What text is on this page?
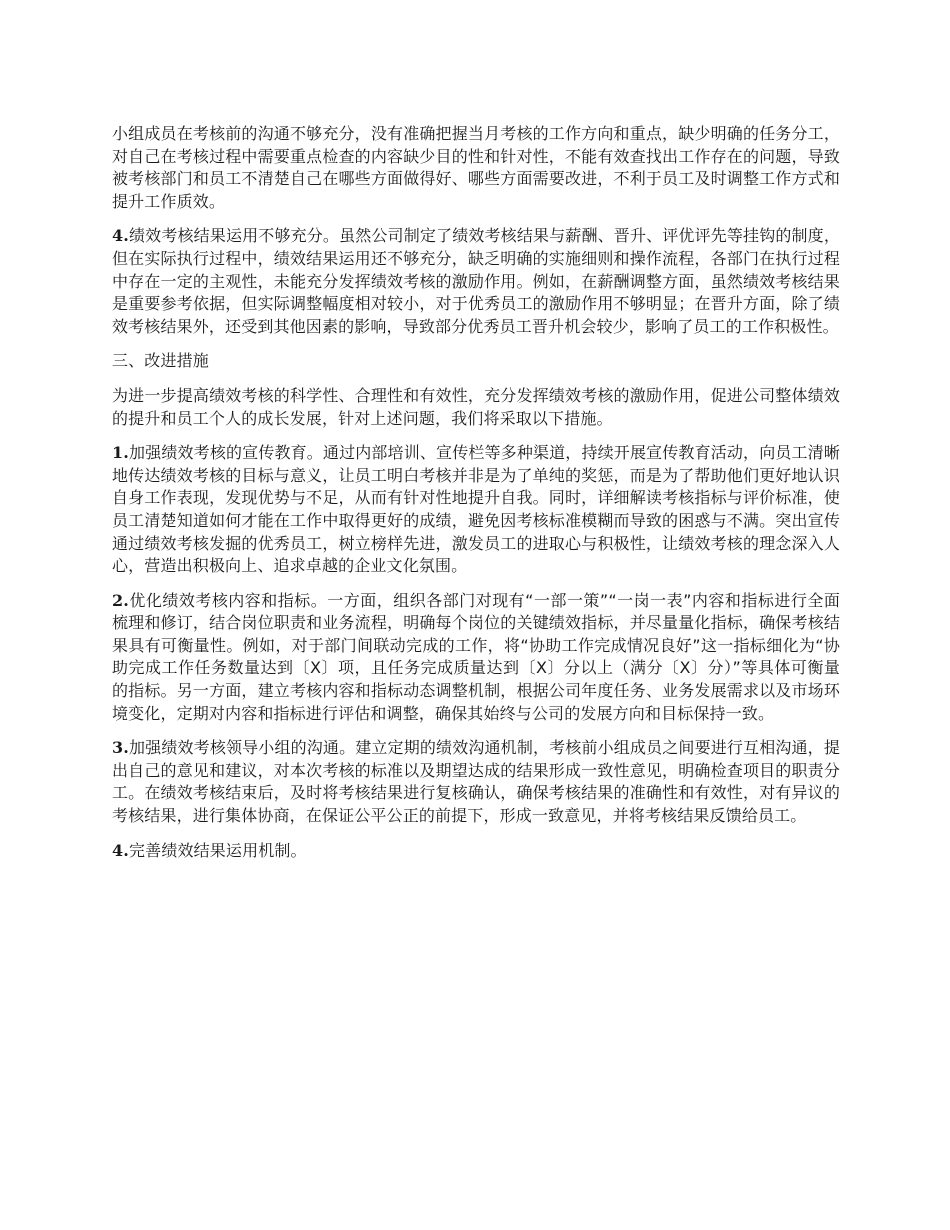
小组成员在考核前的沟通不够充分，没有准确把握当月考核的工作方向和重点，缺少明确的任务分工，对自己在考核过程中需要重点检查的内容缺少目的性和针对性，不能有效查找出工作存在的问题，导致被考核部门和员工不清楚自己在哪些方面做得好、哪些方面需要改进，不利于员工及时调整工作方式和提升工作质效。

4.绩效考核结果运用不够充分。虽然公司制定了绩效考核结果与薪酬、晋升、评优评先等挂钩的制度，但在实际执行过程中，绩效结果运用还不够充分，缺乏明确的实施细则和操作流程，各部门在执行过程中存在一定的主观性，未能充分发挥绩效考核的激励作用。例如，在薪酬调整方面，虽然绩效考核结果是重要参考依据，但实际调整幅度相对较小，对于优秀员工的激励作用不够明显；在晋升方面，除了绩效考核结果外，还受到其他因素的影响，导致部分优秀员工晋升机会较少，影响了员工的工作积极性。

三、改进措施

为进一步提高绩效考核的科学性、合理性和有效性，充分发挥绩效考核的激励作用，促进公司整体绩效的提升和员工个人的成长发展，针对上述问题，我们将采取以下措施。

1.加强绩效考核的宣传教育。通过内部培训、宣传栏等多种渠道，持续开展宣传教育活动，向员工清晰地传达绩效考核的目标与意义，让员工明白考核并非是为了单纯的奖惩，而是为了帮助他们更好地认识自身工作表现，发现优势与不足，从而有针对性地提升自我。同时，详细解读考核指标与评价标准，使员工清楚知道如何才能在工作中取得更好的成绩，避免因考核标准模糊而导致的困惑与不满。突出宣传通过绩效考核发掘的优秀员工，树立榜样先进，激发员工的进取心与积极性，让绩效考核的理念深入人心，营造出积极向上、追求卓越的企业文化氛围。

2.优化绩效考核内容和指标。一方面，组织各部门对现有“一部一策”“一岗一表”内容和指标进行全面梳理和修订，结合岗位职责和业务流程，明确每个岗位的关键绩效指标，并尽量量化指标，确保考核结果具有可衡量性。例如，对于部门间联动完成的工作，将“协助工作完成情况良好”这一指标细化为“协助完成工作任务数量达到〔X〕项，且任务完成质量达到〔X〕分以上（满分〔X〕分）”等具体可衡量的指标。另一方面，建立考核内容和指标动态调整机制，根据公司年度任务、业务发展需求以及市场环境变化，定期对内容和指标进行评估和调整，确保其始终与公司的发展方向和目标保持一致。

3.加强绩效考核领导小组的沟通。建立定期的绩效沟通机制，考核前小组成员之间要进行互相沟通，提出自己的意见和建议，对本次考核的标准以及期望达成的结果形成一致性意见，明确检查项目的职责分工。在绩效考核结束后，及时将考核结果进行复核确认，确保考核结果的准确性和有效性，对有异议的考核结果，进行集体协商，在保证公平公正的前提下，形成一致意见，并将考核结果反馈给员工。

4.完善绩效结果运用机制。
